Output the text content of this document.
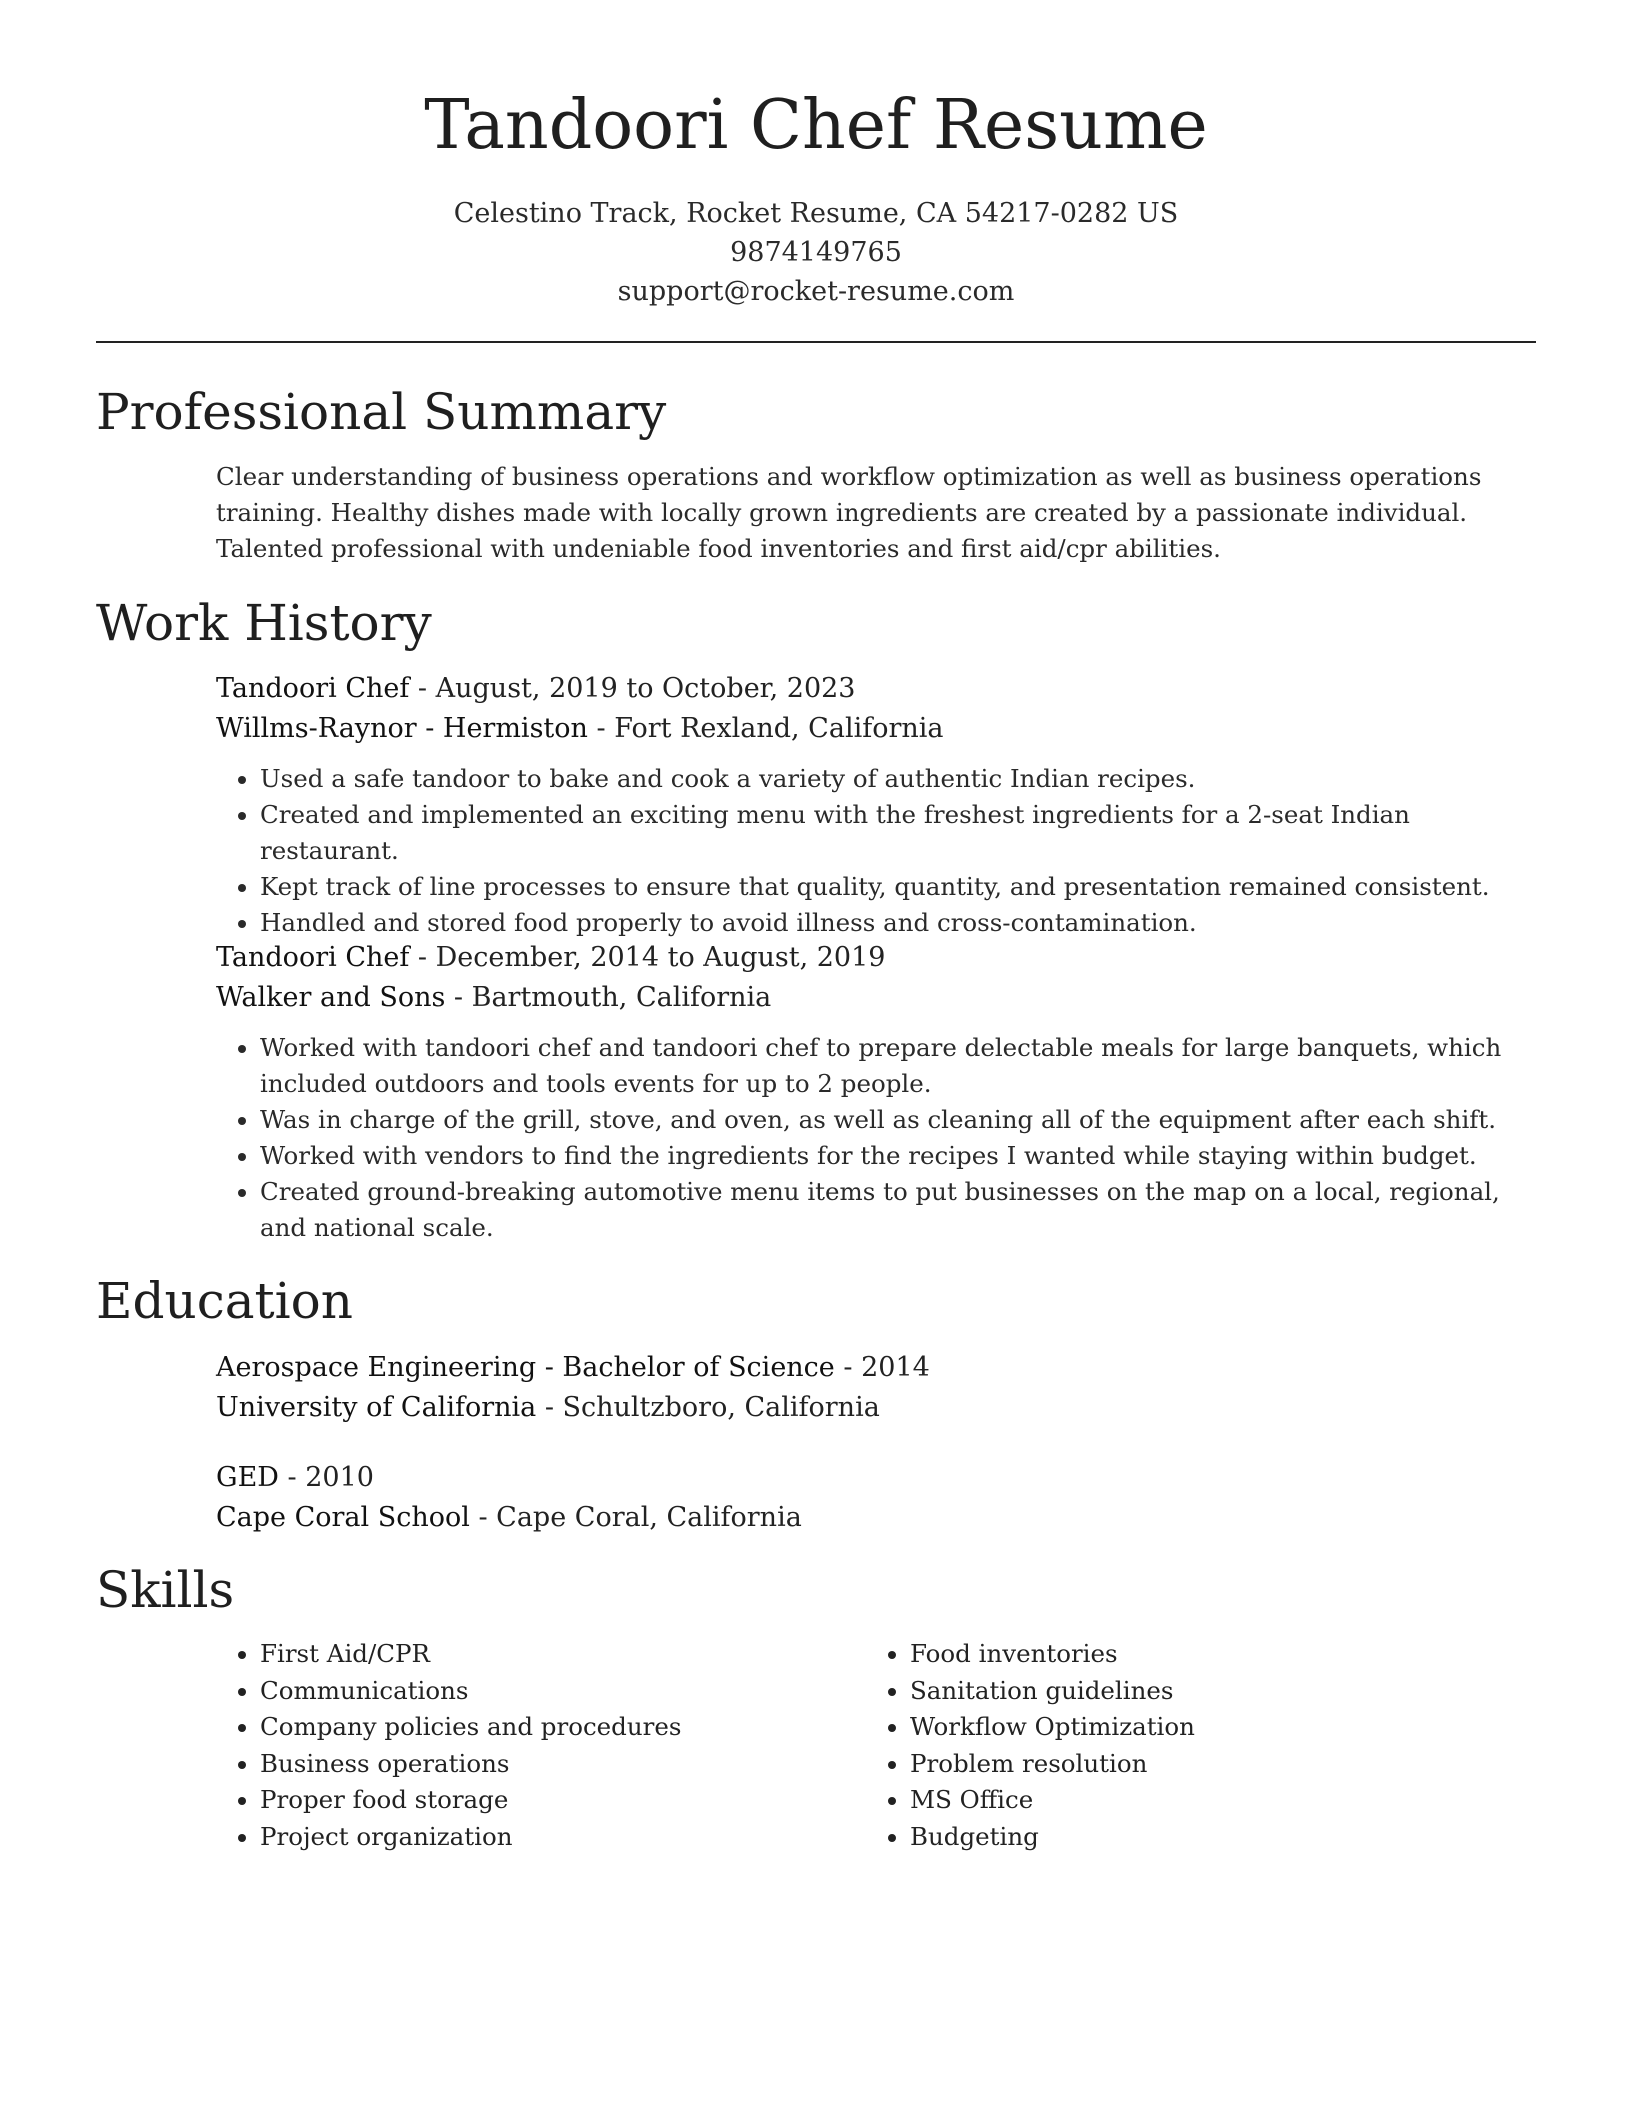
Tandoori Chef Resume
Celestino Track, Rocket Resume, CA 54217-0282 US
9874149765
support@rocket-resume.com
Professional Summary

Clear understanding of business operations and workflow optimization as well as business operations training. Healthy dishes made with locally grown ingredients are created by a passionate individual. Talented professional with undeniable food inventories and first aid/cpr abilities.

Work History
Tandoori Chef - August, 2019 to October, 2023
Willms-Raynor - Hermiston - Fort Rexland, California
• Used a safe tandoor to bake and cook a variety of authentic Indian recipes.
• Created and implemented an exciting menu with the freshest ingredients for a 2-seat Indian restaurant.
• Kept track of line processes to ensure that quality, quantity, and presentation remained consistent.
• Handled and stored food properly to avoid illness and cross-contamination.
Tandoori Chef - December, 2014 to August, 2019
Walker and Sons - Bartmouth, California
• Worked with tandoori chef and tandoori chef to prepare delectable meals for large banquets, which included outdoors and tools events for up to 2 people.
• Was in charge of the grill, stove, and oven, as well as cleaning all of the equipment after each shift.
• Worked with vendors to find the ingredients for the recipes I wanted while staying within budget.
• Created ground-breaking automotive menu items to put businesses on the map on a local, regional, and national scale.
Education
Aerospace Engineering - Bachelor of Science - 2014
University of California - Schultzboro, California
GED - 2010
Cape Coral School - Cape Coral, California
Skills
• First Aid/CPR
• Communications
• Company policies and procedures
• Business operations
• Proper food storage
• Project organization
• Food inventories
• Sanitation guidelines
• Workflow Optimization
• Problem resolution
• MS Office
• Budgeting
